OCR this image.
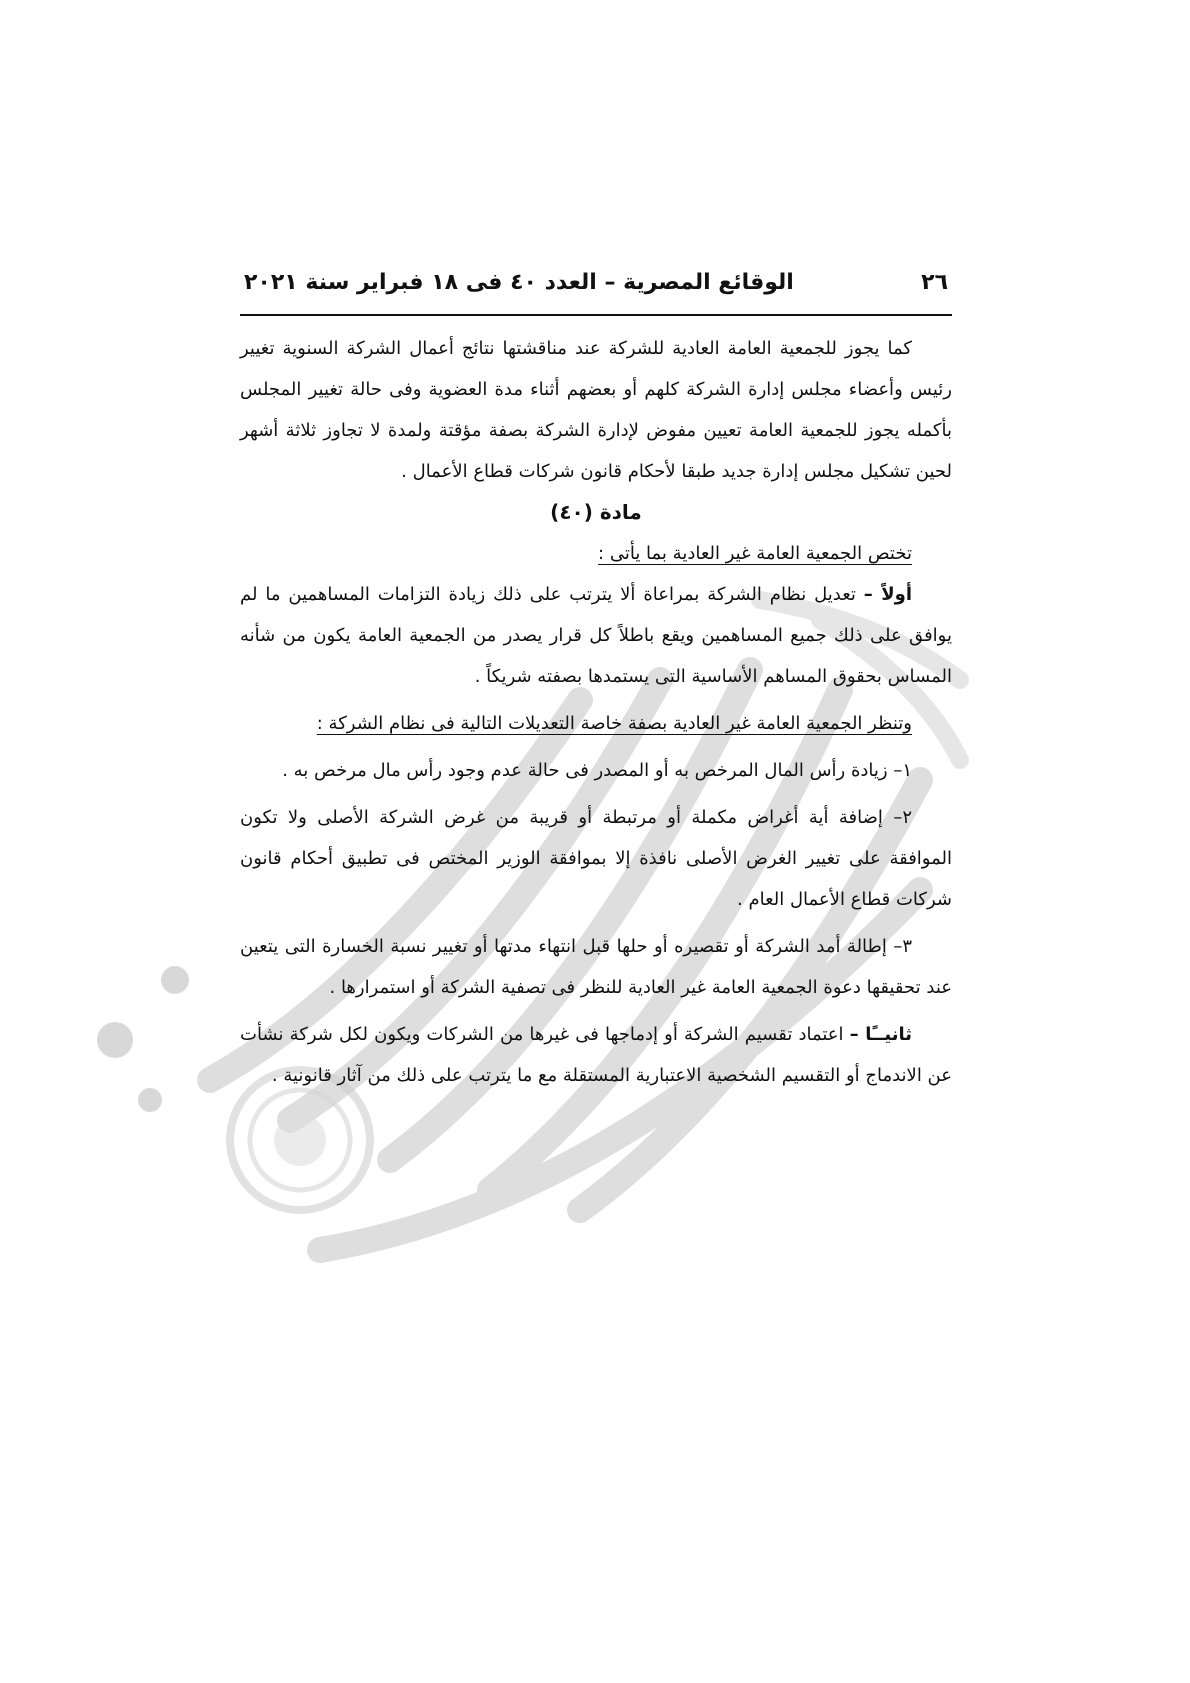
٢٦
الوقائع المصرية – العدد ٤٠ فى ١٨ فبراير سنة ٢٠٢١

كما يجوز للجمعية العامة العادية للشركة عند مناقشتها نتائج أعمال الشركة السنوية تغيير رئيس وأعضاء مجلس إدارة الشركة كلهم أو بعضهم أثناء مدة العضوية وفى حالة تغيير المجلس بأكمله يجوز للجمعية العامة تعيين مفوض لإدارة الشركة بصفة مؤقتة ولمدة لا تجاوز ثلاثة أشهر لحين تشكيل مجلس إدارة جديد طبقا لأحكام قانون شركات قطاع الأعمال .

مادة (٤٠)

تختص الجمعية العامة غير العادية بما يأتى :

أولاً – تعديل نظام الشركة بمراعاة ألا يترتب على ذلك زيادة التزامات المساهمين ما لم يوافق على ذلك جميع المساهمين ويقع باطلاً كل قرار يصدر من الجمعية العامة يكون من شأنه المساس بحقوق المساهم الأساسية التى يستمدها بصفته شريكاً .

وتنظر الجمعية العامة غير العادية بصفة خاصة التعديلات التالية فى نظام الشركة :

١– زيادة رأس المال المرخص به أو المصدر فى حالة عدم وجود رأس مال مرخص به .

٢– إضافة أية أغراض مكملة أو مرتبطة أو قريبة من غرض الشركة الأصلى ولا تكون الموافقة على تغيير الغرض الأصلى نافذة إلا بموافقة الوزير المختص فى تطبيق أحكام قانون شركات قطاع الأعمال العام .

٣– إطالة أمد الشركة أو تقصيره أو حلها قبل انتهاء مدتها أو تغيير نسبة الخسارة التى يتعين عند تحقيقها دعوة الجمعية العامة غير العادية للنظر فى تصفية الشركة أو استمرارها .

ثانيــًا – اعتماد تقسيم الشركة أو إدماجها فى غيرها من الشركات ويكون لكل شركة نشأت عن الاندماج أو التقسيم الشخصية الاعتبارية المستقلة مع ما يترتب على ذلك من آثار قانونية .
